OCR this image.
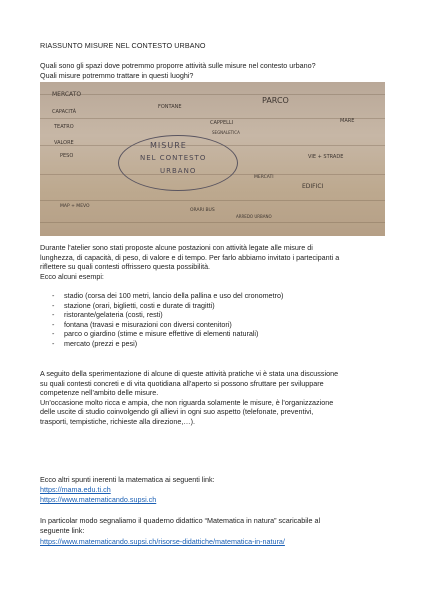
RIASSUNTO MISURE NEL CONTESTO URBANO
Quali sono gli spazi dove potremmo proporre attività sulle misure nel contesto urbano?
Quali misure potremmo trattare in questi luoghi?
MERCATO
CAPACITÀ
TEATRO
VALORE
PESO
FONTANE
PARCO
MARE
CAPPELLI
SEGNALETICA
VIE + STRADE
MERCATI
EDIFICI
MAP + MEVO
ORARI BUS
ARREDO URBANO
MISURE
NEL CONTESTO
URBANO
Durante l’atelier sono stati proposte alcune postazioni con attività legate alle misure di
lunghezza, di capacità, di peso, di valore e di tempo. Per farlo abbiamo invitato i partecipanti a
riflettere su quali contesti offrissero questa possibilità.
Ecco alcuni esempi:
- stadio (corsa dei 100 metri, lancio della pallina e uso del cronometro)
- stazione (orari, biglietti, costi e durate di tragitti)
- ristorante/gelateria (costi, resti)
- fontana (travasi e misurazioni con diversi contenitori)
- parco o giardino (stime e misure effettive di elementi naturali)
- mercato (prezzi e pesi)
A seguito della sperimentazione di alcune di queste attività pratiche vi è stata una discussione
su quali contesti concreti e di vita quotidiana all’aperto si possono sfruttare per sviluppare
competenze nell’ambito delle misure.
Un’occasione molto ricca e ampia, che non riguarda solamente le misure, è l’organizzazione
delle uscite di studio coinvolgendo gli allievi in ogni suo aspetto (telefonate, preventivi,
trasporti, tempistiche, richieste alla direzione,…).
Ecco altri spunti inerenti la matematica ai seguenti link:
https://mama.edu.ti.ch
https://www.matematicando.supsi.ch
In particolar modo segnaliamo il quaderno didattico “Matematica in natura” scaricabile al
seguente link:
https://www.matematicando.supsi.ch/risorse-didattiche/matematica-in-natura/
